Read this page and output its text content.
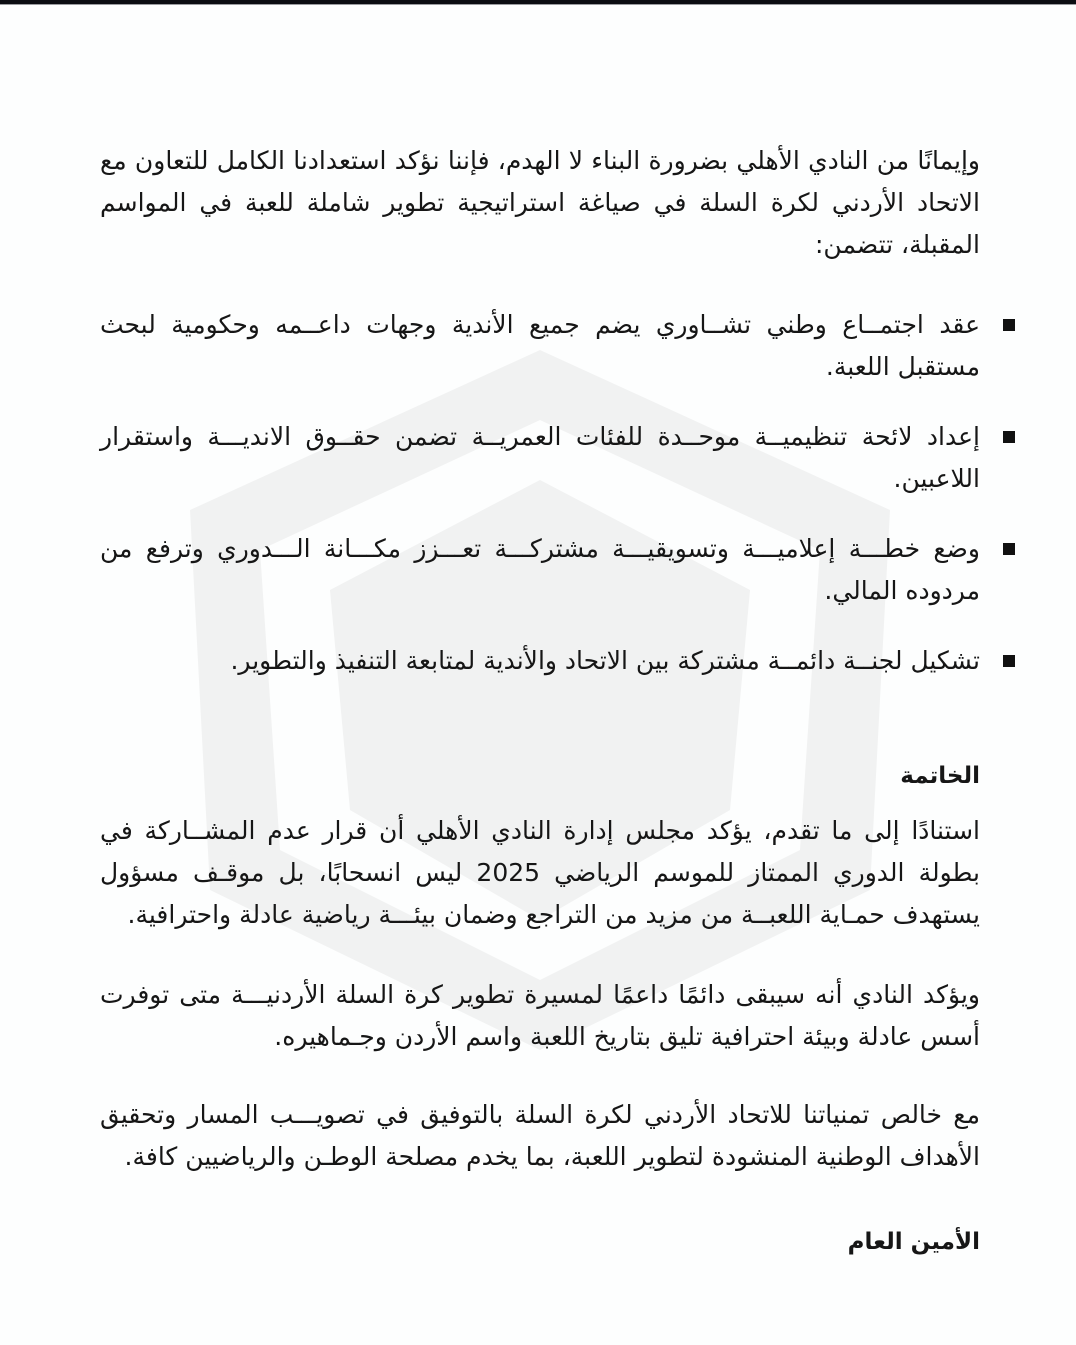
وإيمانًا من النادي الأهلي بضرورة البناء لا الهدم، فإننا نؤكد استعدادنا الكامل للتعاون مع الاتحاد الأردني لكرة السلة في صياغة استراتيجية تطوير شاملة للعبة في المواسم المقبلة، تتضمن:

عقد اجتمــاع وطني تشــاوري يضم جميع الأندية وجهات داعــمه وحكومية لبحث مستقبل اللعبة.
إعداد لائحة تنظيميــة موحــدة للفئات العمريــة تضمن حقــوق الانديـــة واستقرار اللاعبين.
وضع خطـــة إعلاميـــة وتسويقيـــة مشتركـــة تعـــزز مكـــانة الـــدوري وترفع من مردوده المالي.
تشكيل لجنــة دائمــة مشتركة بين الاتحاد والأندية لمتابعة التنفيذ والتطوير.
الخاتمة

استنادًا إلى ما تقدم، يؤكد مجلس إدارة النادي الأهلي أن قرار عدم المشــاركة في بطولة الدوري الممتاز للموسم الرياضي 2025 ليس انسحابًا، بل موقـف مسؤول يستهدف حمـاية اللعبــة من مزيد من التراجع وضمان بيئـــة رياضية عادلة واحترافية.

ويؤكد النادي أنه سيبقى دائمًا داعمًا لمسيرة تطوير كرة السلة الأردنيـــة متى توفرت أسس عادلة وبيئة احترافية تليق بتاريخ اللعبة واسم الأردن وجـماهيره.

مع خالص تمنياتنا للاتحاد الأردني لكرة السلة بالتوفيق في تصويـــب المسار وتحقيق الأهداف الوطنية المنشودة لتطوير اللعبة، بما يخدم مصلحة الوطـن والرياضيين كافة.

الأمين العام
